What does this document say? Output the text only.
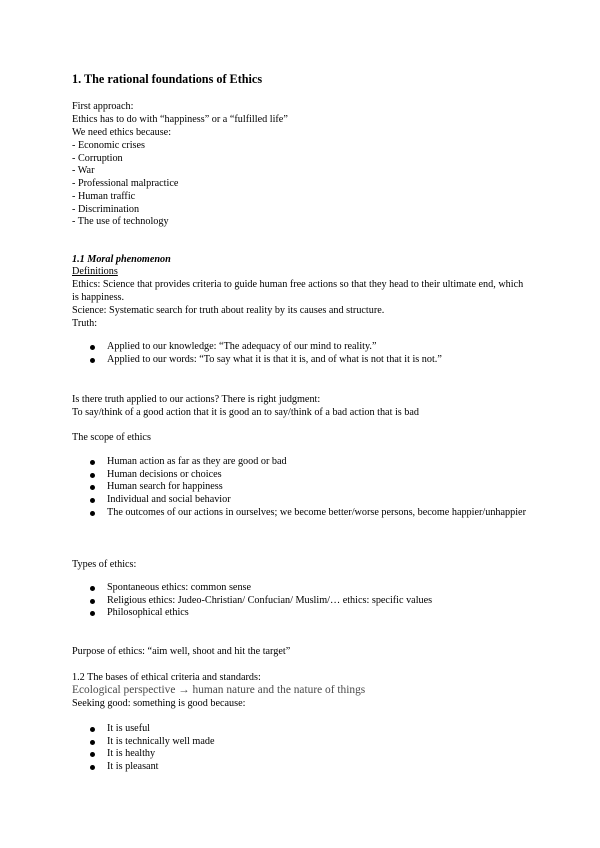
1. The rational foundations of Ethics
First approach:
Ethics has to do with “happiness” or a “fulfilled life”
We need ethics because:
- Economic crises
- Corruption
- War
- Professional malpractice
- Human traffic
- Discrimination
- The use of technology
1.1 Moral phenomenon
Definitions
Ethics: Science that provides criteria to guide human free actions so that they head to their ultimate end, which is happiness.
Science: Systematic search for truth about reality by its causes and structure.
Truth:
Applied to our knowledge: “The adequacy of our mind to reality.”
Applied to our words: “To say what it is that it is, and of what is not that it is not.”
Is there truth applied to our actions? There is right judgment:
To say/think of a good action that it is good an to say/think of a bad action that is bad
The scope of ethics
Human action as far as they are good or bad
Human decisions or choices
Human search for happiness
Individual and social behavior
The outcomes of our actions in ourselves; we become better/worse persons, become happier/unhappier
Types of ethics:
Spontaneous ethics: common sense
Religious ethics: Judeo-Christian/ Confucian/ Muslim/… ethics: specific values
Philosophical ethics
Purpose of ethics: “aim well, shoot and hit the target”
1.2 The bases of ethical criteria and standards:
Ecological perspective → human nature and the nature of things
Seeking good: something is good because:
It is useful
It is technically well made
It is healthy
It is pleasant
